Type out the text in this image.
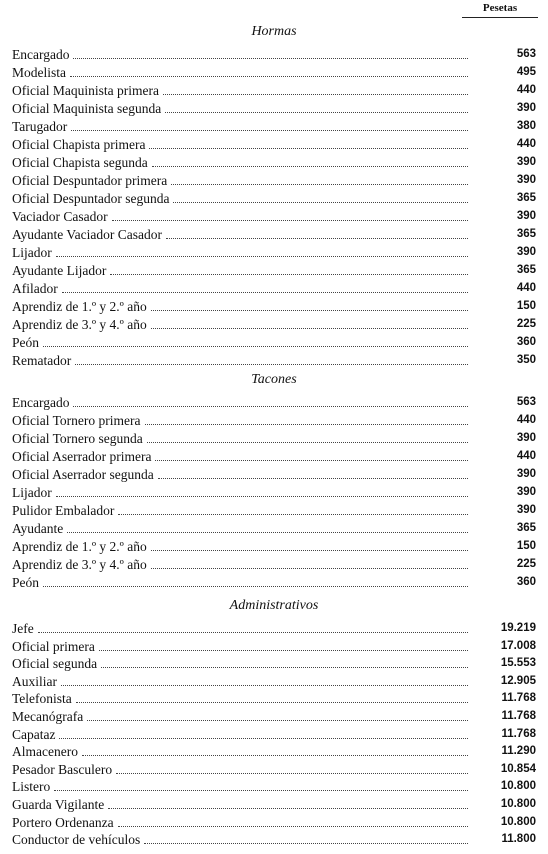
Pesetas
Hormas
Encargado	563
Modelista	495
Oficial Maquinista primera	440
Oficial Maquinista segunda	390
Tarugador	380
Oficial Chapista primera	440
Oficial Chapista segunda	390
Oficial Despuntador primera	390
Oficial Despuntador segunda	365
Vaciador Casador	390
Ayudante Vaciador Casador	365
Lijador	390
Ayudante Lijador	365
Afilador	440
Aprendiz de 1.º y 2.º año	150
Aprendiz de 3.º y 4.º año	225
Peón	360
Rematador	350
Tacones
Encargado	563
Oficial Tornero primera	440
Oficial Tornero segunda	390
Oficial Aserrador primera	440
Oficial Aserrador segunda	390
Lijador	390
Pulidor Embalador	390
Ayudante	365
Aprendiz de 1.º y 2.º año	150
Aprendiz de 3.º y 4.º año	225
Peón	360
Administrativos
Jefe	19.219
Oficial primera	17.008
Oficial segunda	15.553
Auxiliar	12.905
Telefonista	11.768
Mecanógrafa	11.768
Capataz	11.768
Almacenero	11.290
Pesador Basculero	10.854
Listero	10.800
Guarda Vigilante	10.800
Portero Ordenanza	10.800
Conductor de vehículos	11.800
